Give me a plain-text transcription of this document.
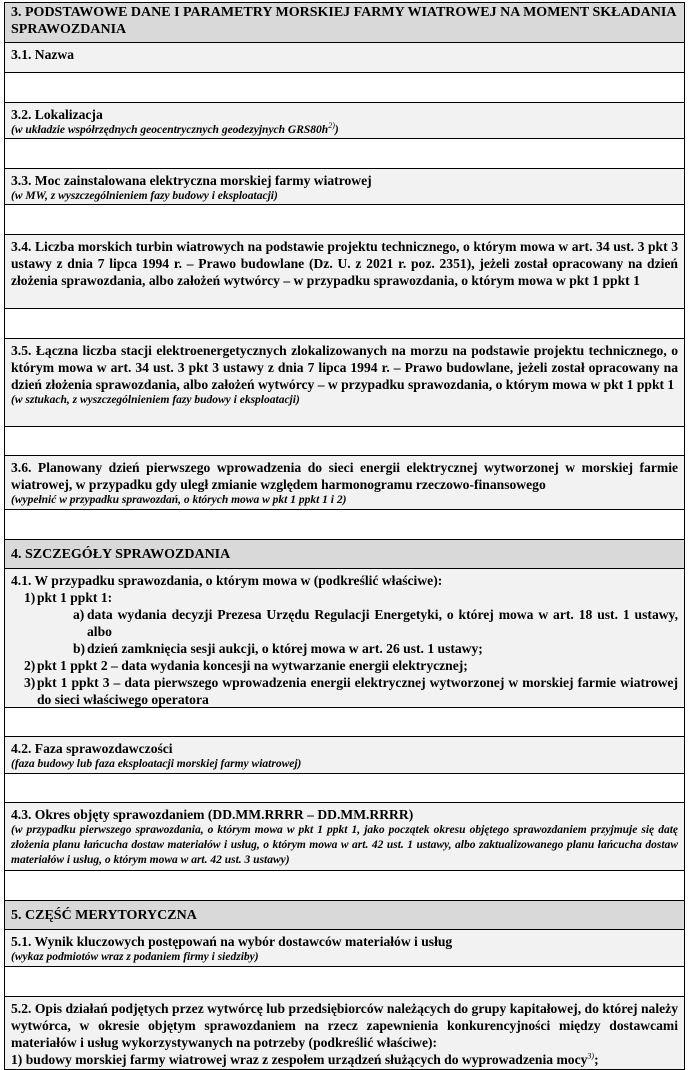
3. PODSTAWOWE DANE I PARAMETRY MORSKIEJ FARMY WIATROWEJ NA MOMENT SKŁADANIA SPRAWOZDANIA
3.1. Nazwa
3.2. Lokalizacja
(w układzie współrzędnych geocentrycznych geodezyjnych $GRS80h^{2)}$)
3.3. Moc zainstalowana elektryczna morskiej farmy wiatrowej
(w MW, z wyszczególnieniem fazy budowy i eksploatacji)
3.4. Liczba morskich turbin wiatrowych na podstawie projektu technicznego, o którym mowa w art. 34 ust. 3 pkt 3 ustawy z dnia 7 lipca 1994 r. – Prawo budowlane (Dz. U. z 2021 r. poz. 2351), jeżeli został opracowany na dzień złożenia sprawozdania, albo założeń wytwórcy – w przypadku sprawozdania, o którym mowa w pkt 1 ppkt 1
3.5. Łączna liczba stacji elektroenergetycznych zlokalizowanych na morzu na podstawie projektu technicznego, o którym mowa w art. 34 ust. 3 pkt 3 ustawy z dnia 7 lipca 1994 r. – Prawo budowlane, jeżeli został opracowany na dzień złożenia sprawozdania, albo założeń wytwórcy – w przypadku sprawozdania, o którym mowa w pkt 1 ppkt 1
(w sztukach, z wyszczególnieniem fazy budowy i eksploatacji)
3.6. Planowany dzień pierwszego wprowadzenia do sieci energii elektrycznej wytworzonej w morskiej farmie wiatrowej, w przypadku gdy uległ zmianie względem harmonogramu rzeczowo-finansowego
(wypełnić w przypadku sprawozdań, o których mowa w pkt 1 ppkt 1 i 2)
4. SZCZEGÓŁY SPRAWOZDANIA
4.1. W przypadku sprawozdania, o którym mowa w (podkreślić właściwe):
1) pkt 1 ppkt 1:
a) data wydania decyzji Prezesa Urzędu Regulacji Energetyki, o której mowa w art. 18 ust. 1 ustawy, albo
b) dzień zamknięcia sesji aukcji, o której mowa w art. 26 ust. 1 ustawy;
2) pkt 1 ppkt 2 – data wydania koncesji na wytwarzanie energii elektrycznej;
3) pkt 1 ppkt 3 – data pierwszego wprowadzenia energii elektrycznej wytworzonej w morskiej farmie wiatrowej do sieci właściwego operatora
4.2. Faza sprawozdawczości
(faza budowy lub faza eksploatacji morskiej farmy wiatrowej)
4.3. Okres objęty sprawozdaniem (DD.MM.RRRR – DD.MM.RRRR)
(w przypadku pierwszego sprawozdania, o którym mowa w pkt 1 ppkt 1, jako początek okresu objętego sprawozdaniem przyjmuje się datę złożenia planu łańcucha dostaw materiałów i usług, o którym mowa w art. 42 ust. 1 ustawy, albo zaktualizowanego planu łańcucha dostaw materiałów i usług, o którym mowa w art. 42 ust. 3 ustawy)
5. CZĘŚĆ MERYTORYCZNA
5.1. Wynik kluczowych postępowań na wybór dostawców materiałów i usług
(wykaz podmiotów wraz z podaniem firmy i siedziby)
5.2. Opis działań podjętych przez wytwórcę lub przedsiębiorców należących do grupy kapitałowej, do której należy wytwórca, w okresie objętym sprawozdaniem na rzecz zapewnienia konkurencyjności między dostawcami materiałów i usług wykorzystywanych na potrzeby (podkreślić właściwe):
1) budowy morskiej farmy wiatrowej wraz z zespołem urządzeń służących do wyprowadzenia mocy$^{3)}$;
